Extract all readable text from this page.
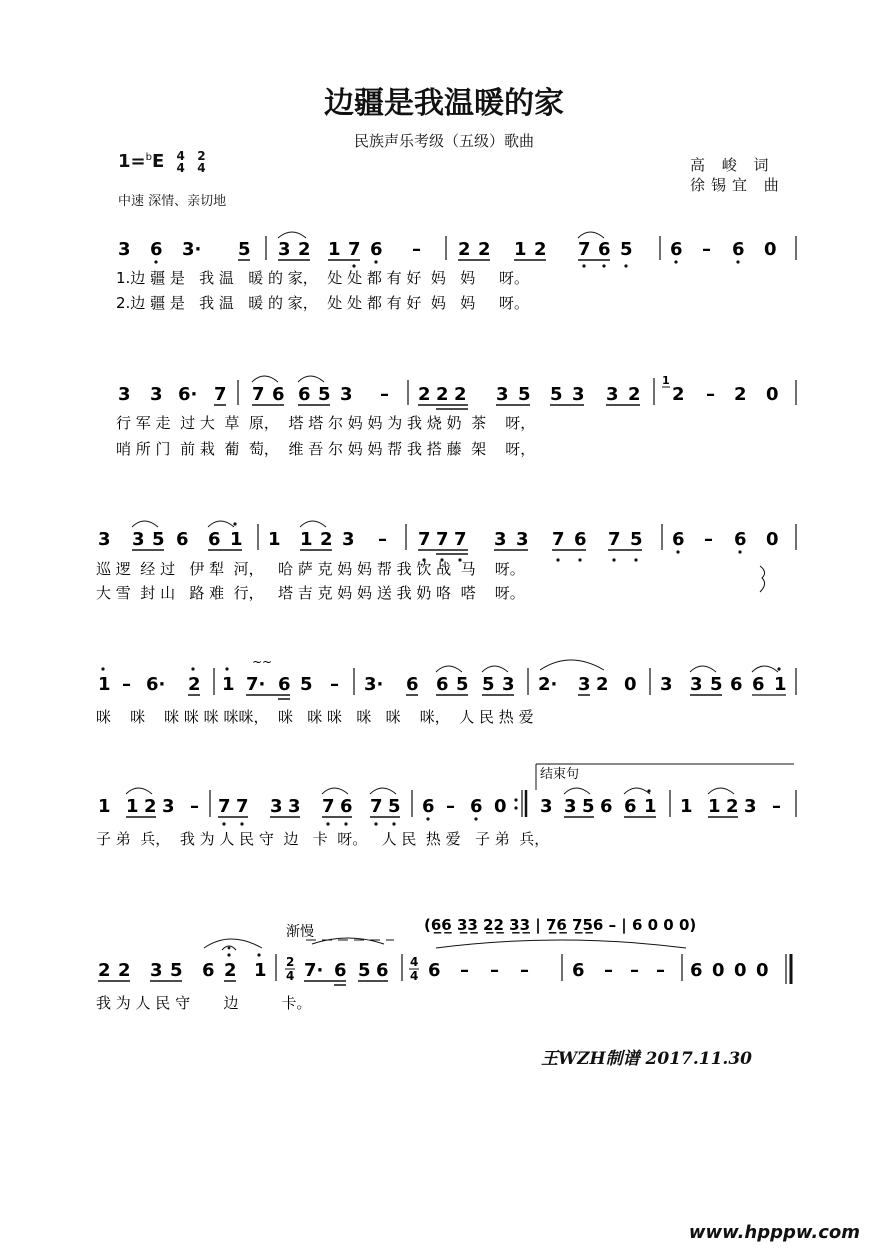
边疆是我温暖的家
民族声乐考级（五级）歌曲
1=$^b$E 4
4

2
4
中速 深情、亲切地
高 峻 词
徐锡宜 曲
3 6 3· 5 3 2 1 7 6 – 2 2 1 2 7 6 5 6 – 6 0
1.边 疆 是   我 温   暖 的 家，  处 处 都 有 好  妈   妈     呀。
2.边 疆 是   我 温   暖 的 家，  处 处 都 有 好  妈   妈     呀。
3 3 6· 7 7 6 6 5 3 – 2 2 2 3 5 5 3 3 2
1
2 – 2 0
行 军 走  过 大  草  原，  塔 塔 尔 妈 妈 为 我 烧 奶  茶    呀，
哨 所 门  前 栽  葡  萄，  维 吾 尔 妈 妈 帮 我 搭 藤  架    呀，
3 3 5 6 6 1 1 1 2 3 – 7 7 7 3 3 7 6 7 5 6 – 6 0
巡 逻  经 过   伊 犁  河，   哈 萨 克 妈 妈 帮 我 饮 战  马    呀。
大 雪  封 山   路 难  行，   塔 吉 克 妈 妈 送 我 奶 咯  嗒    呀。
1 – 6· 2 1
~~
7· 6 5 – 3· 6 6 5 5 3 2· 3 2 0 3 3 5 6 6 1
咪    咪    咪 咪 咪 咪咪，  咪   咪 咪   咪   咪    咪，  人 民 热 爱
结束句
1 1 2 3 – 7 7 3 3 7 6 7 5 6 – 6 0 3 3 5 6 6 1 1 1 2 3 –
子 弟  兵，  我 为 人 民 守  边   卡  呀。   人 民  热 爱   子 弟  兵，
渐慢	(6̲6̲ 3̲3̲ 2̲2̲ 3̲3̲ | 7̲6̲ 7̲5̲6 – | 6 0 0 0)
2 2 3 5 6 2 1 2
4 7· 6 5 6 4
4 6 – – – 6 – – – 6 0 0 0
我 为 人 民 守       边         卡。
王WZH制谱 2017.11.30
www.hpppw.com
